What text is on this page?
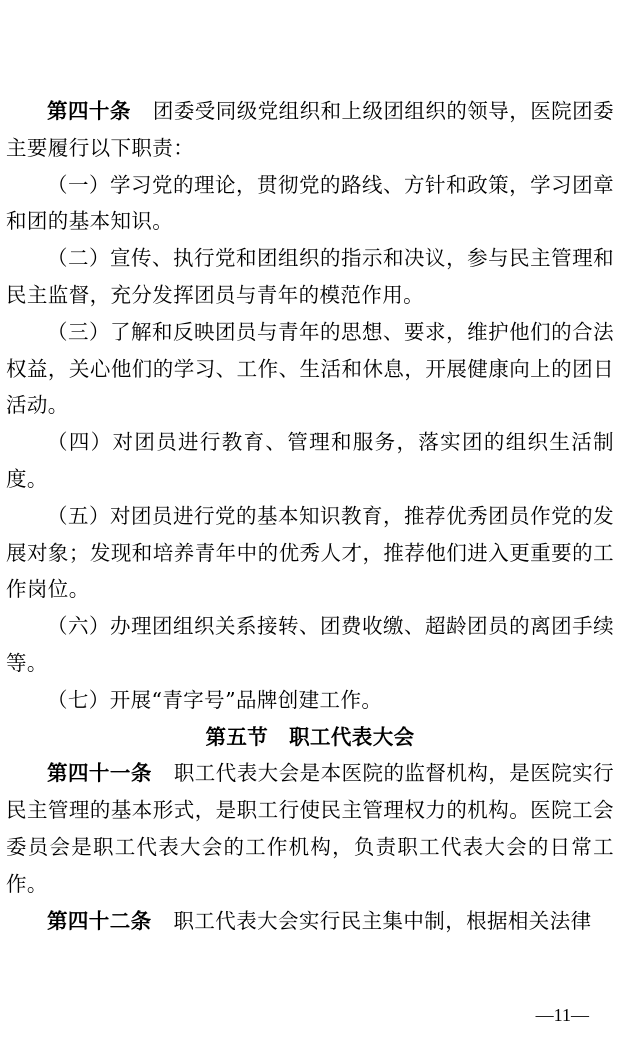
第四十条 团委受同级党组织和上级团组织的领导，医院团委主要履行以下职责：

（一）学习党的理论，贯彻党的路线、方针和政策，学习团章和团的基本知识。

（二）宣传、执行党和团组织的指示和决议，参与民主管理和民主监督，充分发挥团员与青年的模范作用。

（三）了解和反映团员与青年的思想、要求，维护他们的合法权益，关心他们的学习、工作、生活和休息，开展健康向上的团日活动。

（四）对团员进行教育、管理和服务，落实团的组织生活制度。

（五）对团员进行党的基本知识教育，推荐优秀团员作党的发展对象；发现和培养青年中的优秀人才，推荐他们进入更重要的工作岗位。

（六）办理团组织关系接转、团费收缴、超龄团员的离团手续等。

（七）开展“青字号”品牌创建工作。

第五节　职工代表大会

第四十一条 职工代表大会是本医院的监督机构，是医院实行民主管理的基本形式，是职工行使民主管理权力的机构。医院工会委员会是职工代表大会的工作机构，负责职工代表大会的日常工作。

第四十二条 职工代表大会实行民主集中制，根据相关法律

—11—
